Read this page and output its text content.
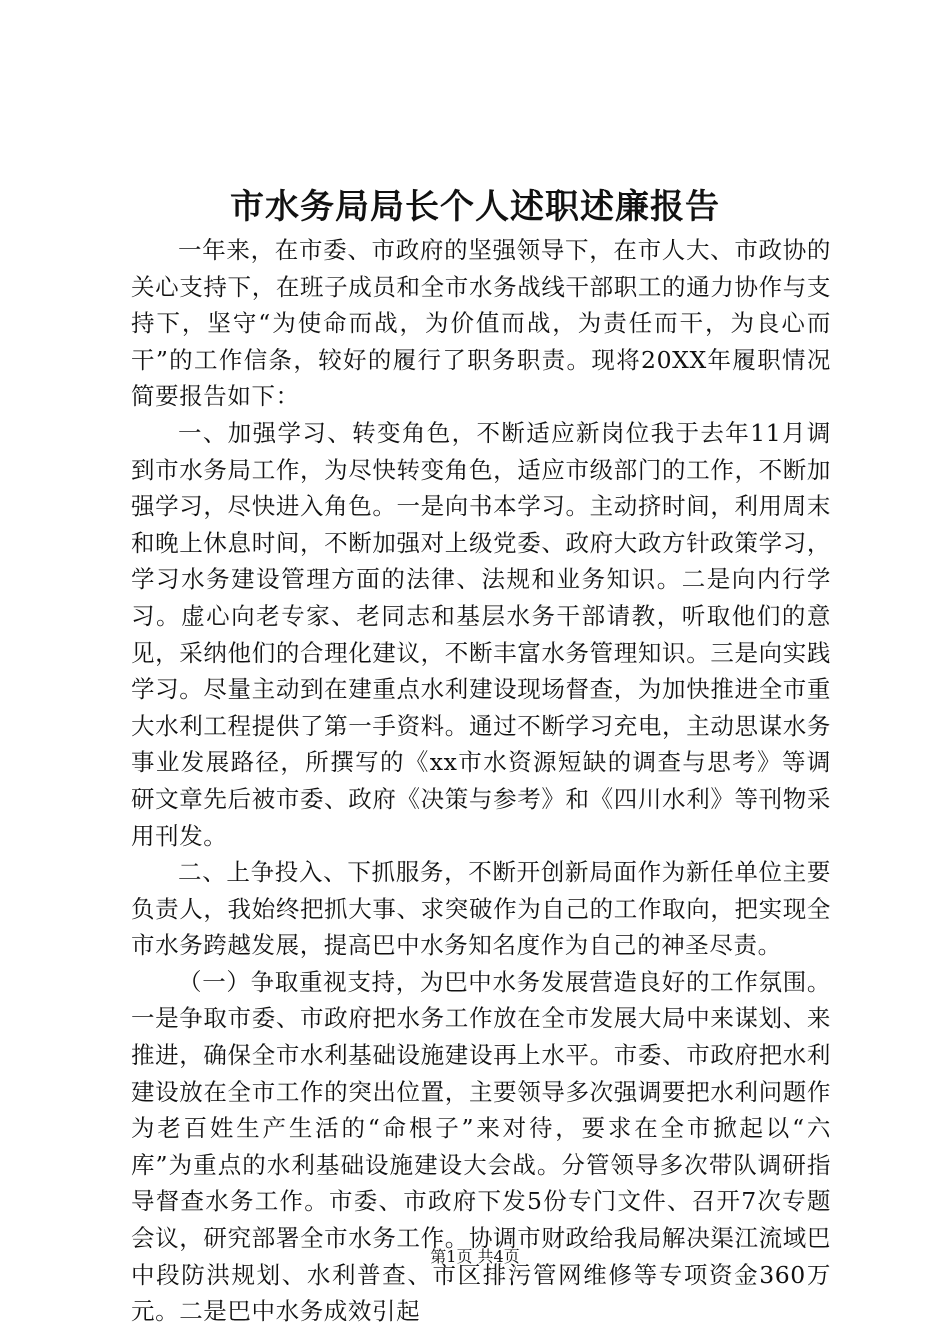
市水务局局长个人述职述廉报告

一年来，在市委、市政府的坚强领导下，在市人大、市政协的关心支持下，在班子成员和全市水务战线干部职工的通力协作与支持下，坚守“为使命而战，为价值而战，为责任而干，为良心而干”的工作信条，较好的履行了职务职责。现将20XX年履职情况简要报告如下：

一、加强学习、转变角色，不断适应新岗位我于去年11月调到市水务局工作，为尽快转变角色，适应市级部门的工作，不断加强学习，尽快进入角色。一是向书本学习。主动挤时间，利用周末和晚上休息时间，不断加强对上级党委、政府大政方针政策学习，学习水务建设管理方面的法律、法规和业务知识。二是向内行学习。虚心向老专家、老同志和基层水务干部请教，听取他们的意见，采纳他们的合理化建议，不断丰富水务管理知识。三是向实践学习。尽量主动到在建重点水利建设现场督查，为加快推进全市重大水利工程提供了第一手资料。通过不断学习充电，主动思谋水务事业发展路径，所撰写的《xx市水资源短缺的调查与思考》等调研文章先后被市委、政府《决策与参考》和《四川水利》等刊物采用刊发。

二、上争投入、下抓服务，不断开创新局面作为新任单位主要负责人，我始终把抓大事、求突破作为自己的工作取向，把实现全市水务跨越发展，提高巴中水务知名度作为自己的神圣尽责。

（一）争取重视支持，为巴中水务发展营造良好的工作氛围。一是争取市委、市政府把水务工作放在全市发展大局中来谋划、来推进，确保全市水利基础设施建设再上水平。市委、市政府把水利建设放在全市工作的突出位置，主要领导多次强调要把水利问题作为老百姓生产生活的“命根子”来对待，要求在全市掀起以“六库”为重点的水利基础设施建设大会战。分管领导多次带队调研指导督查水务工作。市委、市政府下发5份专门文件、召开7次专题会议，研究部署全市水务工作。协调市财政给我局解决渠江流域巴中段防洪规划、水利普查、市区排污管网维修等专项资金360万元。二是巴中水务成效引起

第1页 共4页
